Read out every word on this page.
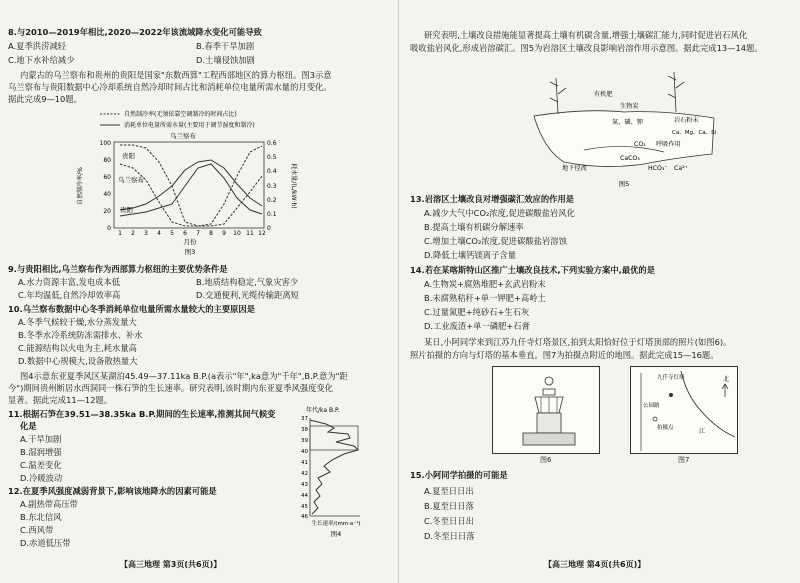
8.与2010—2019年相比,2020—2022年该流域降水变化可能导致
A.夏季洪涝减轻	B.春季干旱加剧
C.地下水补给减少	D.土壤侵蚀加剧
内蒙古的乌兰察布和贵州的贵阳是国家"东数西算"工程西部地区的算力枢纽。图3示意
乌兰察布与贵阳数据中心冷却系统自然冷却时间占比和消耗单位电量所需水量的月变化。
据此完成9—10题。
自然制冷率(无须依靠空调制冷的时间占比)
消耗单位电量所需水量(主要用于调节湿度和制冷)
100
80
60
40
20
0
0.6
0.5
0.4
0.3
0.2
0.1
0
1 2 3 4 5 6 7 8 9 10 11 12
乌兰察布
贵阳
乌兰察布
贵阳
自然制冷率/%	耗水量/(L/kW·h)
月份
图3
9.与贵阳相比,乌兰察布作为西部算力枢纽的主要优势条件是
A.水力资源丰富,发电成本低	B.地质结构稳定,气象灾害少
C.年均温低,自然冷却效率高	D.交通便利,光缆传输距离短
10.乌兰察布数据中心冬季消耗单位电量所需水量较大的主要原因是
A.冬季气候较干燥,水分蒸发量大
B.冬季水冷系统防冻需排水、补水
C.能源结构以火电为主,耗水量高
D.数据中心规模大,设备散热量大
图4示意东亚夏季风区某湖泊45.49—37.11ka B.P.(a表示"年",ka意为"千年",B.P.意为"距
今")期间贵州断居水西洞同一株石笋的生长速率。研究表明,该时期内东亚夏季风强度变化
显著。据此完成11—12题。
11.根据石笋在39.51—38.35ka B.P.期间的生长速率,推测其间气候变
化是
A.干旱加剧
B.湿润增强
C.温差变化
D.冷暖波动
12.在夏季风强度减弱背景下,影响该地降水的因素可能是
A.副热带高压带
B.东北信风
C.西风带
D.赤道低压带
年代/ka B.P.
37
38
39
40
41
42
43
44
45
46
生长速率/(mm·a⁻¹)
图4
【高三地理 第3页(共6页)】
研究表明,土壤改良措施能显著提高土壤有机碳含量,增强土壤碳汇能力,同时促进岩石风化
吸收盐岩风化,形成岩溶碳汇。图5为岩溶区土壤改良影响岩溶作用示意图。据此完成13—14题。
有机肥
生物炭
氮、磷、钾	岩石粉末
Ca、Mg、Ca、Si
CO₂ 呼吸作用
CaCO₃
HCO₃⁻ Ca²⁺
地下径流
图5
13.岩溶区土壤改良对增强碳汇效应的作用是
A.减少大气中CO₂浓度,促进碳酸盐岩风化
B.提高土壤有机碳分解速率
C.增加土壤CO₂浓度,促进碳酸盐岩溶蚀
D.降低土壤钙镁离子含量
14.若在某喀斯特山区推广土壤改良技术,下列实验方案中,最优的是
A.生物炭+腐熟堆肥+玄武岩粉末
B.未腐熟秸秆+单一钾肥+高岭土
C.过量氮肥+纯砂石+生石灰
D.工业废渣+单一磷肥+石膏
某日,小阿同学来到江苏九仟寺灯塔景区,拍到太阳恰好位于灯塔顶部的照片(如图6)。
照片拍摄的方向与灯塔的基本垂直。图7为拍摄点附近的地图。据此完成15—16题。
图6
九仟寺灯塔
拍摄点
公园路
江
北
图7
15.小阿同学拍摄的可能是
A.夏至日日出
B.夏至日日落
C.冬至日日出
D.冬至日日落
【高三地理 第4页(共6页)】
